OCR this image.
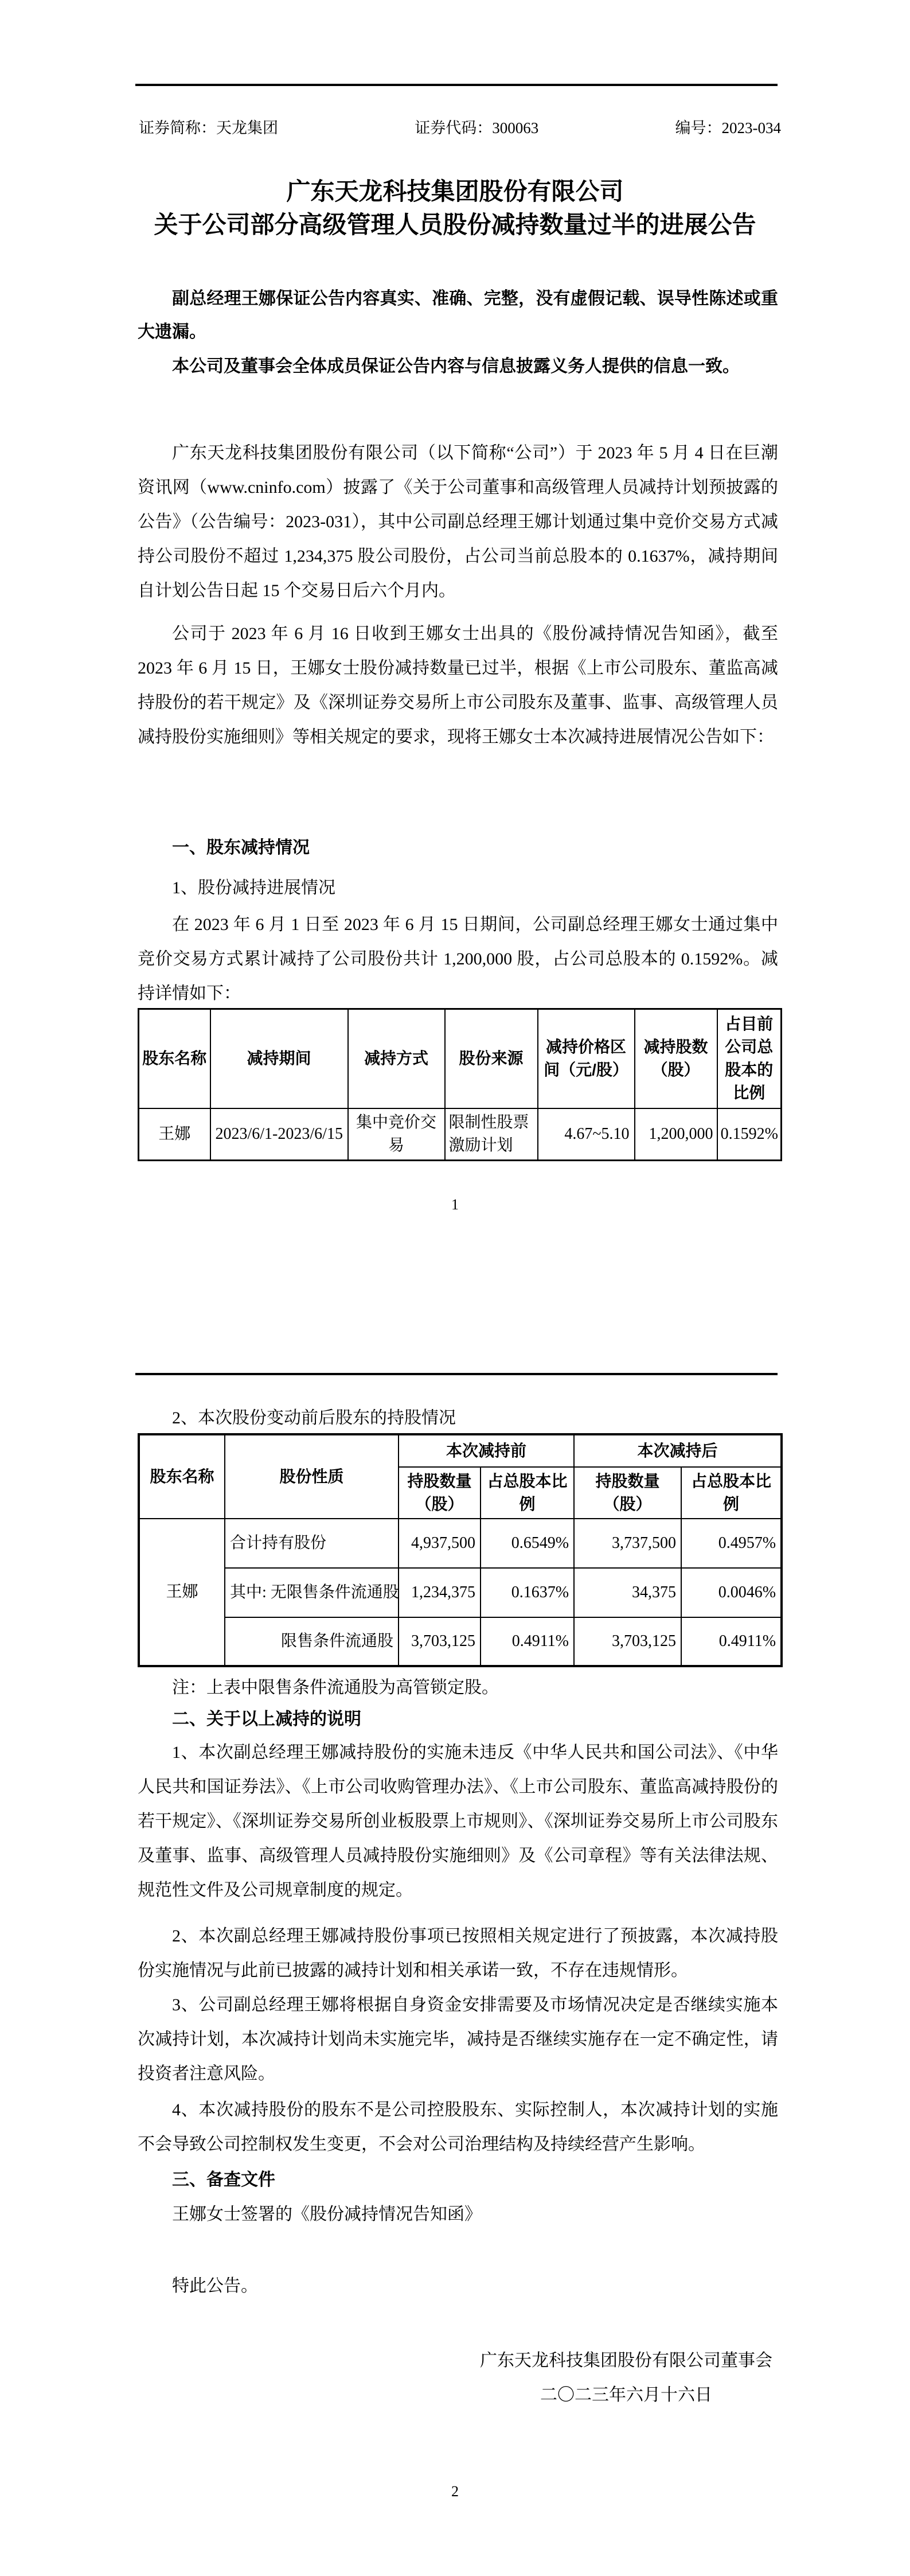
证券简称：天龙集团	证券代码：300063	编号：2023-034
广东天龙科技集团股份有限公司
关于公司部分高级管理人员股份减持数量过半的进展公告
副总经理王娜保证公告内容真实、准确、完整，没有虚假记载、误导性陈述或重大遗漏。
本公司及董事会全体成员保证公告内容与信息披露义务人提供的信息一致。
广东天龙科技集团股份有限公司（以下简称“公司”）于 2023 年 5 月 4 日在巨潮资讯网（www.cninfo.com）披露了《关于公司董事和高级管理人员减持计划预披露的公告》（公告编号：2023-031），其中公司副总经理王娜计划通过集中竞价交易方式减持公司股份不超过 1,234,375 股公司股份，占公司当前总股本的 0.1637%，减持期间自计划公告日起 15 个交易日后六个月内。
公司于 2023 年 6 月 16 日收到王娜女士出具的《股份减持情况告知函》，截至 2023 年 6 月 15 日，王娜女士股份减持数量已过半，根据《上市公司股东、董监高减持股份的若干规定》及《深圳证券交易所上市公司股东及董事、监事、高级管理人员减持股份实施细则》等相关规定的要求，现将王娜女士本次减持进展情况公告如下：
一、股东减持情况
1、股份减持进展情况
在 2023 年 6 月 1 日至 2023 年 6 月 15 日期间，公司副总经理王娜女士通过集中竞价交易方式累计减持了公司股份共计 1,200,000 股，占公司总股本的 0.1592%。减持详情如下：
股东名称	减持期间	减持方式	股份来源	减持价格区间（元/股）	减持股数（股）	占目前公司总股本的比例
王娜	2023/6/1-2023/6/15	集中竞价交易	限制性股票激励计划	4.67~5.10	1,200,000	0.1592%
1
2、本次股份变动前后股东的持股情况
股东名称	股份性质	本次减持前		本次减持后	
		持股数量（股）	占总股本比例	持股数量（股）	占总股本比例
王娜	合计持有股份	4,937,500	0.6549%	3,737,500	0.4957%
	其中: 无限售条件流通股	1,234,375	0.1637%	34,375	0.0046%
	限售条件流通股	3,703,125	0.4911%	3,703,125	0.4911%
注：上表中限售条件流通股为高管锁定股。
二、关于以上减持的说明
1、本次副总经理王娜减持股份的实施未违反《中华人民共和国公司法》、《中华人民共和国证券法》、《上市公司收购管理办法》、《上市公司股东、董监高减持股份的若干规定》、《深圳证券交易所创业板股票上市规则》、《深圳证券交易所上市公司股东及董事、监事、高级管理人员减持股份实施细则》及《公司章程》等有关法律法规、规范性文件及公司规章制度的规定。
2、本次副总经理王娜减持股份事项已按照相关规定进行了预披露，本次减持股份实施情况与此前已披露的减持计划和相关承诺一致，不存在违规情形。
3、公司副总经理王娜将根据自身资金安排需要及市场情况决定是否继续实施本次减持计划，本次减持计划尚未实施完毕，减持是否继续实施存在一定不确定性，请投资者注意风险。
4、本次减持股份的股东不是公司控股股东、实际控制人，本次减持计划的实施不会导致公司控制权发生变更，不会对公司治理结构及持续经营产生影响。
三、备查文件
王娜女士签署的《股份减持情况告知函》
特此公告。
广东天龙科技集团股份有限公司董事会
二〇二三年六月十六日
2
